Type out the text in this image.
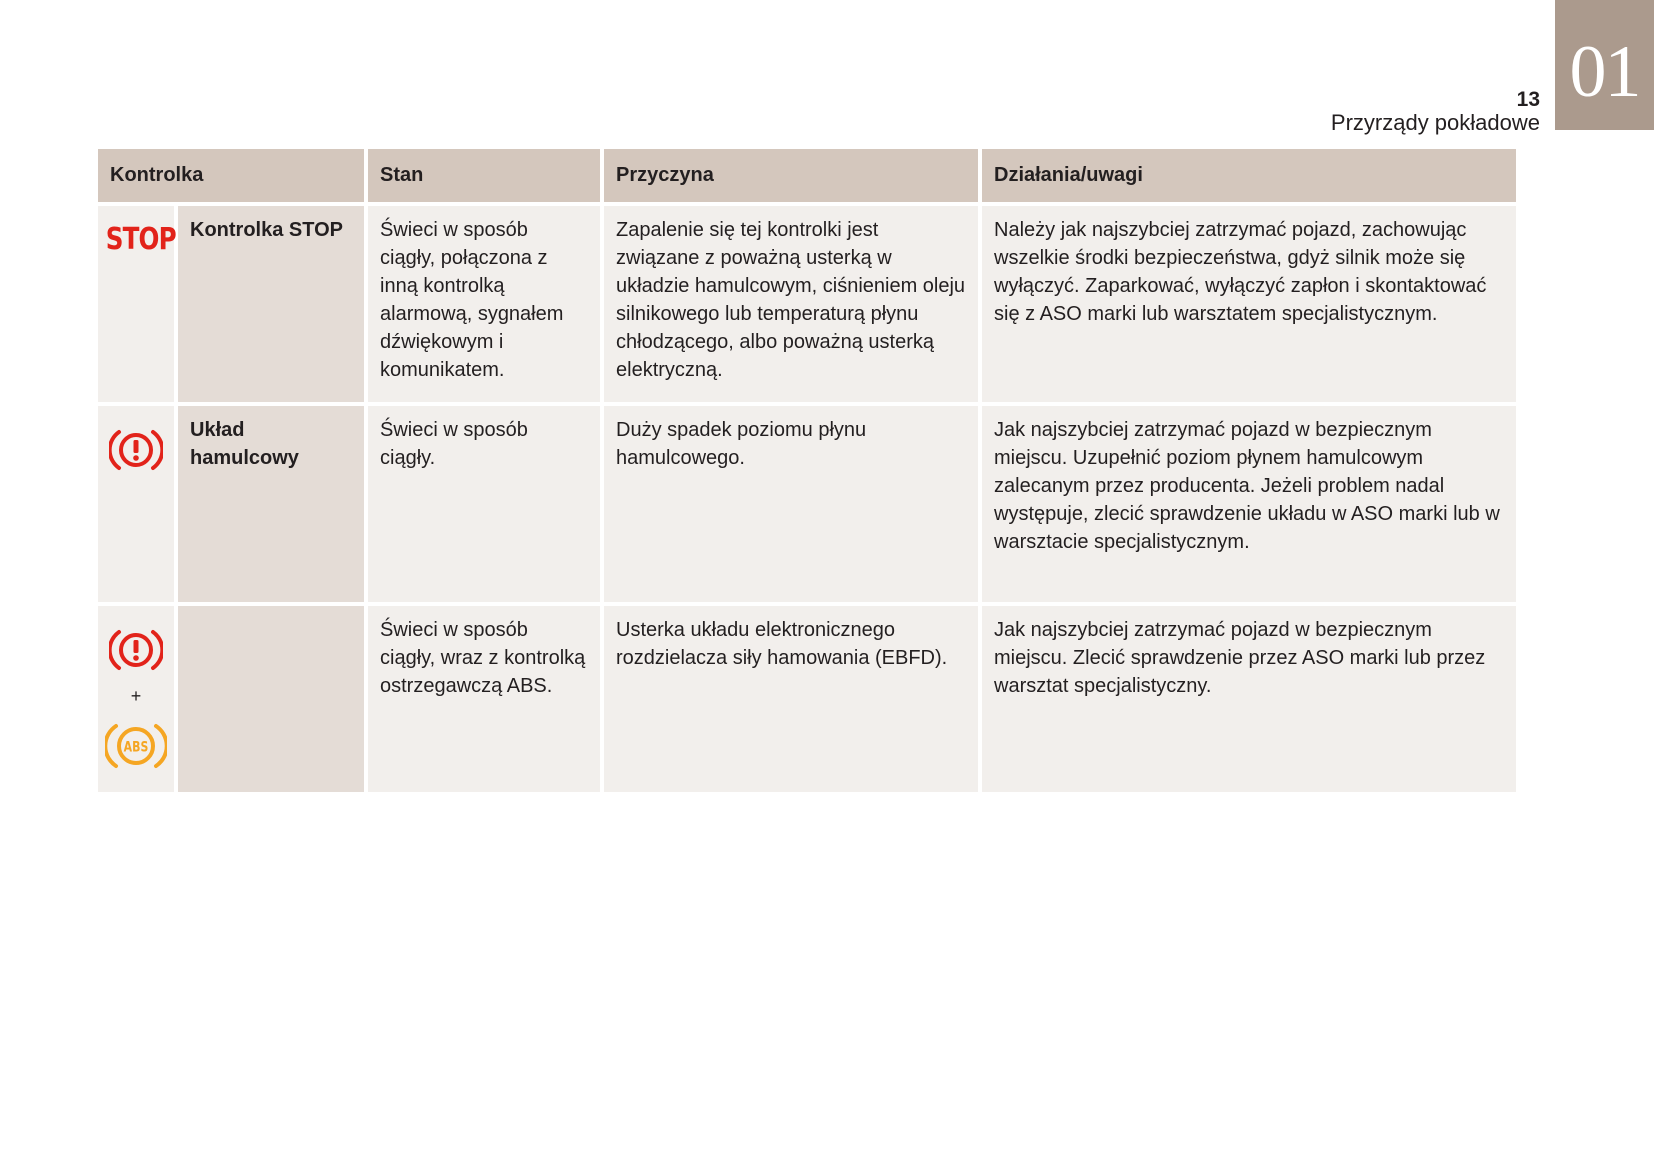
01
13
Przyrządy pokładowe
Kontrolka		Stan	Przyczyna	Działania/uwagi
STOP	Kontrolka STOP	Świeci w sposób ciągły, połączona z inną kontrolką alarmową, sygnałem dźwiękowym i komunikatem.	Zapalenie się tej kontrolki jest związane z poważną usterką w układzie hamulcowym, ciśnieniem oleju silnikowego lub temperaturą płynu chłodzącego, albo poważną usterką elektryczną.	Należy jak najszybciej zatrzymać pojazd, zachowując wszelkie środki bezpieczeństwa, gdyż silnik może się wyłączyć. Zaparkować, wyłączyć zapłon i skontaktować się z ASO marki lub warsztatem specjalistycznym.

	Układ hamulcowy	Świeci w sposób ciągły.	Duży spadek poziomu płynu hamulcowego.	Jak najszybciej zatrzymać pojazd w bezpiecznym miejscu. Uzupełnić poziom płynem hamulcowym zalecanym przez producenta. Jeżeli problem nadal występuje, zlecić sprawdzenie układu w ASO marki lub w warsztacie specjalistycznym.

+
ABS		Świeci w sposób ciągły, wraz z kontrolką ostrzegawczą ABS.	Usterka układu elektronicznego rozdzielacza siły hamowania (EBFD).	Jak najszybciej zatrzymać pojazd w bezpiecznym miejscu. Zlecić sprawdzenie przez ASO marki lub przez warsztat specjalistyczny.
